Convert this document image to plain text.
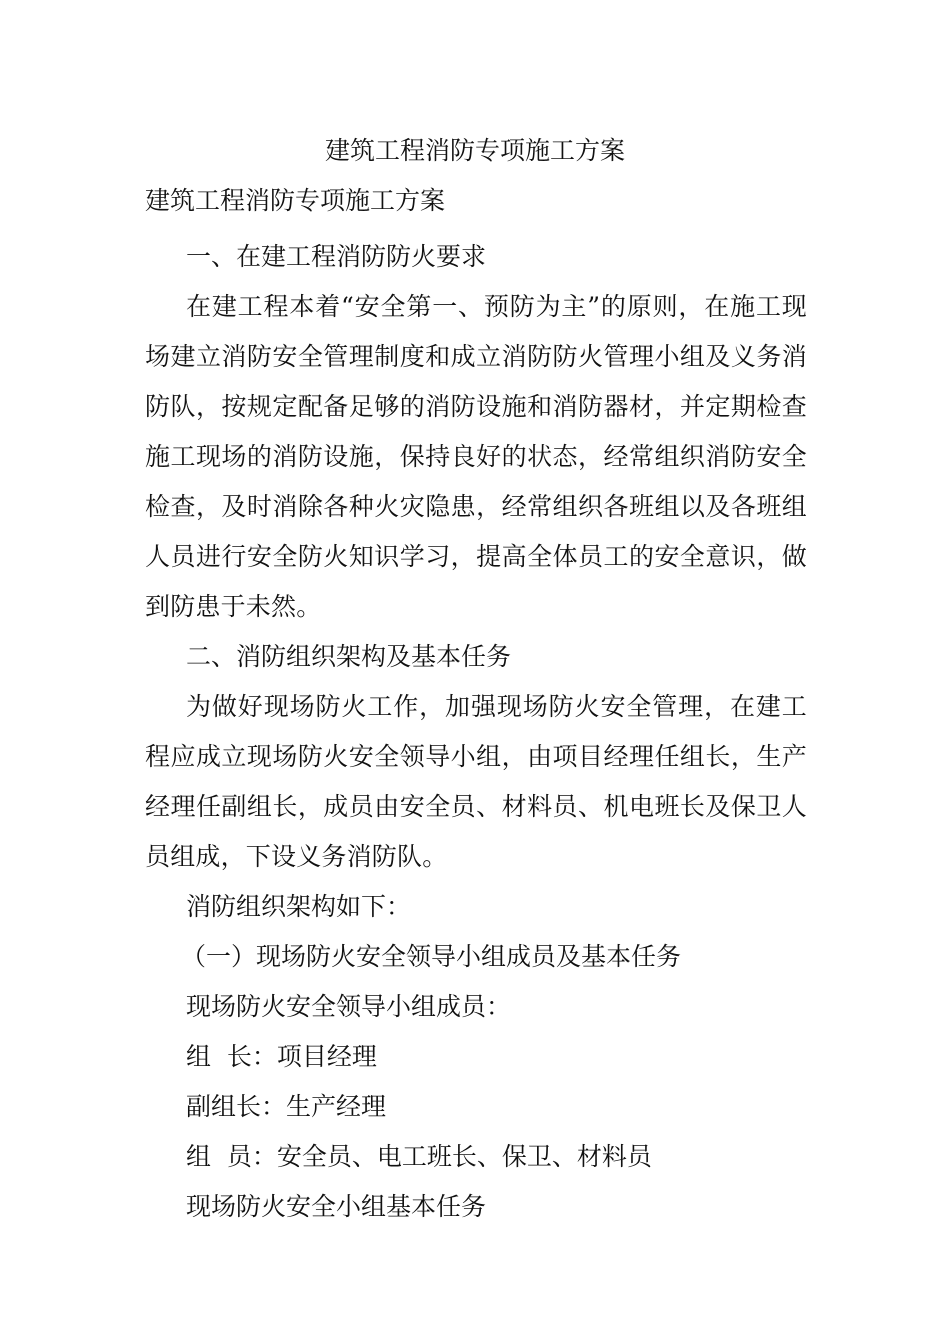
建筑工程消防专项施工方案
建筑工程消防专项施工方案

一、在建工程消防防火要求

在建工程本着“安全第一、预防为主”的原则，在施工现场建立消防安全管理制度和成立消防防火管理小组及义务消防队，按规定配备足够的消防设施和消防器材，并定期检查施工现场的消防设施，保持良好的状态，经常组织消防安全检查，及时消除各种火灾隐患，经常组织各班组以及各班组人员进行安全防火知识学习，提高全体员工的安全意识，做到防患于未然。

二、消防组织架构及基本任务

为做好现场防火工作，加强现场防火安全管理，在建工程应成立现场防火安全领导小组，由项目经理任组长，生产经理任副组长，成员由安全员、材料员、机电班长及保卫人员组成，下设义务消防队。

消防组织架构如下：

（一）现场防火安全领导小组成员及基本任务

现场防火安全领导小组成员：

组  长：项目经理

副组长：生产经理

组  员：安全员、电工班长、保卫、材料员

现场防火安全小组基本任务
